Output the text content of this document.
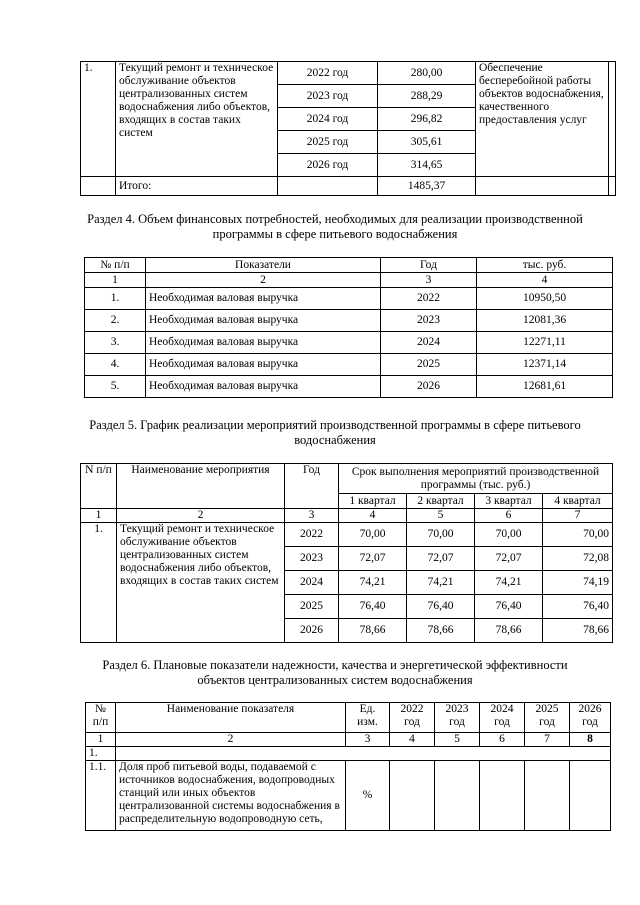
1.	Текущий ремонт и техническое обслуживание объектов централизованных систем водоснабжения либо объектов, входящих в состав таких систем	2022 год	280,00	Обеспечение бесперебойной работы объектов водоснабжения, качественного предоставления услуг	
		2023 год	288,29		
		2024 год	296,82		
		2025 год	305,61		
		2026 год	314,65		
	Итого:		1485,37		
Раздел 4. Объем финансовых потребностей, необходимых для реализации производственной
программы в сфере питьевого водоснабжения
№ п/п	Показатели	Год	тыс. руб.
1	2	3	4
1.	Необходимая валовая выручка	2022	10950,50
2.	Необходимая валовая выручка	2023	12081,36
3.	Необходимая валовая выручка	2024	12271,11
4.	Необходимая валовая выручка	2025	12371,14
5.	Необходимая валовая выручка	2026	12681,61
Раздел 5. График реализации мероприятий производственной программы в сфере питьевого
водоснабжения
N п/п	Наименование мероприятия	Год	Срок выполнения мероприятий производственной программы (тыс. руб.)			
			1 квартал	2 квартал	3 квартал	4 квартал
1	2	3	4	5	6	7
1.	Текущий ремонт и техническое обслуживание объектов централизованных систем водоснабжения либо объектов, входящих в состав таких систем	2022	70,00	70,00	70,00	70,00
		2023	72,07	72,07	72,07	72,08
		2024	74,21	74,21	74,21	74,19
		2025	76,40	76,40	76,40	76,40
		2026	78,66	78,66	78,66	78,66
Раздел 6. Плановые показатели надежности, качества и энергетической эффективности
объектов централизованных систем водоснабжения
№ п/п	Наименование показателя	Ед. изм.	2022 год	2023 год	2024 год	2025 год	2026 год
1	2	3	4	5	6	7	8
1.							
1.1.	Доля проб питьевой воды, подаваемой с источников водоснабжения, водопроводных станций или иных объектов централизованной системы водоснабжения в распределительную водопроводную сеть,	%					
